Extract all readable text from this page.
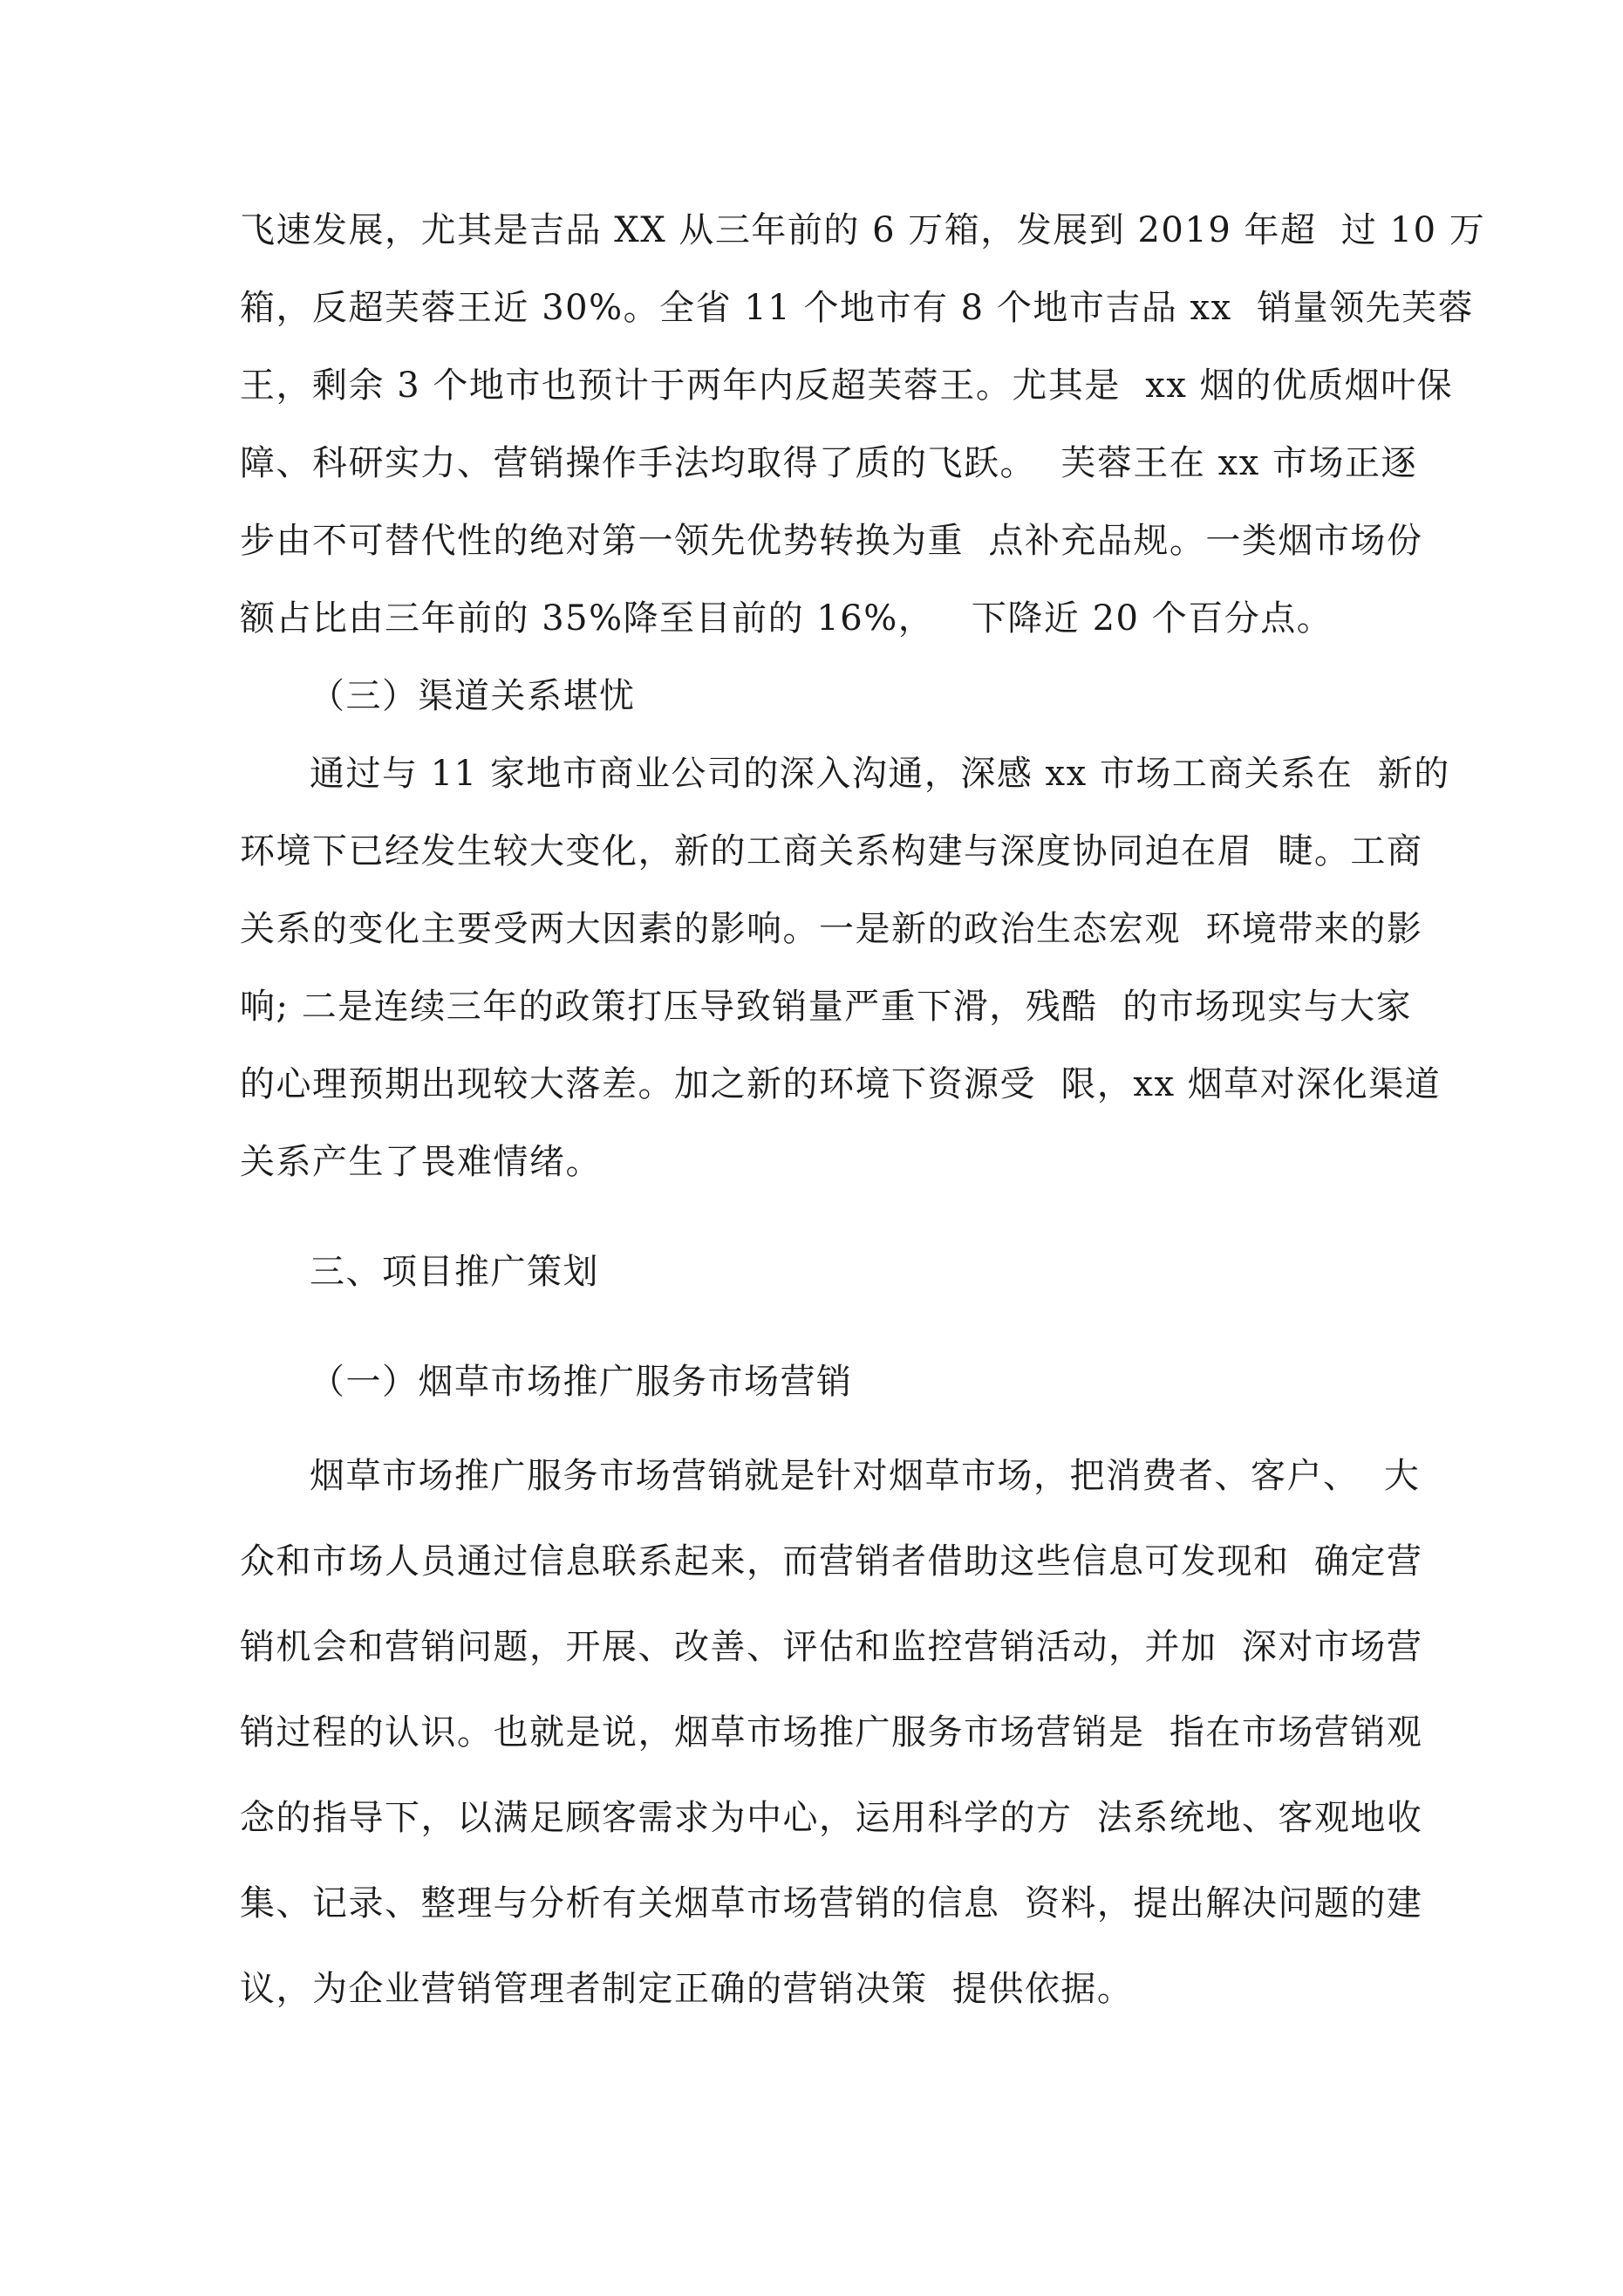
飞速发展，尤其是吉品 XX 从三年前的 6 万箱，发展到 2019 年超  过 10 万
箱，反超芙蓉王近 30%。全省 11 个地市有 8 个地市吉品 xx  销量领先芙蓉
王，剩余 3 个地市也预计于两年内反超芙蓉王。尤其是  xx 烟的优质烟叶保
障、科研实力、营销操作手法均取得了质的飞跃。  芙蓉王在 xx 市场正逐
步由不可替代性的绝对第一领先优势转换为重  点补充品规。一类烟市场份
额占比由三年前的 35%降至目前的 16%，   下降近 20 个百分点。
（三）渠道关系堪忧
通过与 11 家地市商业公司的深入沟通，深感 xx 市场工商关系在  新的
环境下已经发生较大变化，新的工商关系构建与深度协同迫在眉  睫。工商
关系的变化主要受两大因素的影响。一是新的政治生态宏观  环境带来的影
响; 二是连续三年的政策打压导致销量严重下滑，残酷  的市场现实与大家
的心理预期出现较大落差。加之新的环境下资源受  限，xx 烟草对深化渠道
关系产生了畏难情绪。
三、项目推广策划
（一）烟草市场推广服务市场营销
烟草市场推广服务市场营销就是针对烟草市场，把消费者、客户、  大
众和市场人员通过信息联系起来，而营销者借助这些信息可发现和  确定营
销机会和营销问题，开展、改善、评估和监控营销活动，并加  深对市场营
销过程的认识。也就是说，烟草市场推广服务市场营销是  指在市场营销观
念的指导下，以满足顾客需求为中心，运用科学的方  法系统地、客观地收
集、记录、整理与分析有关烟草市场营销的信息  资料，提出解决问题的建
议，为企业营销管理者制定正确的营销决策  提供依据。
